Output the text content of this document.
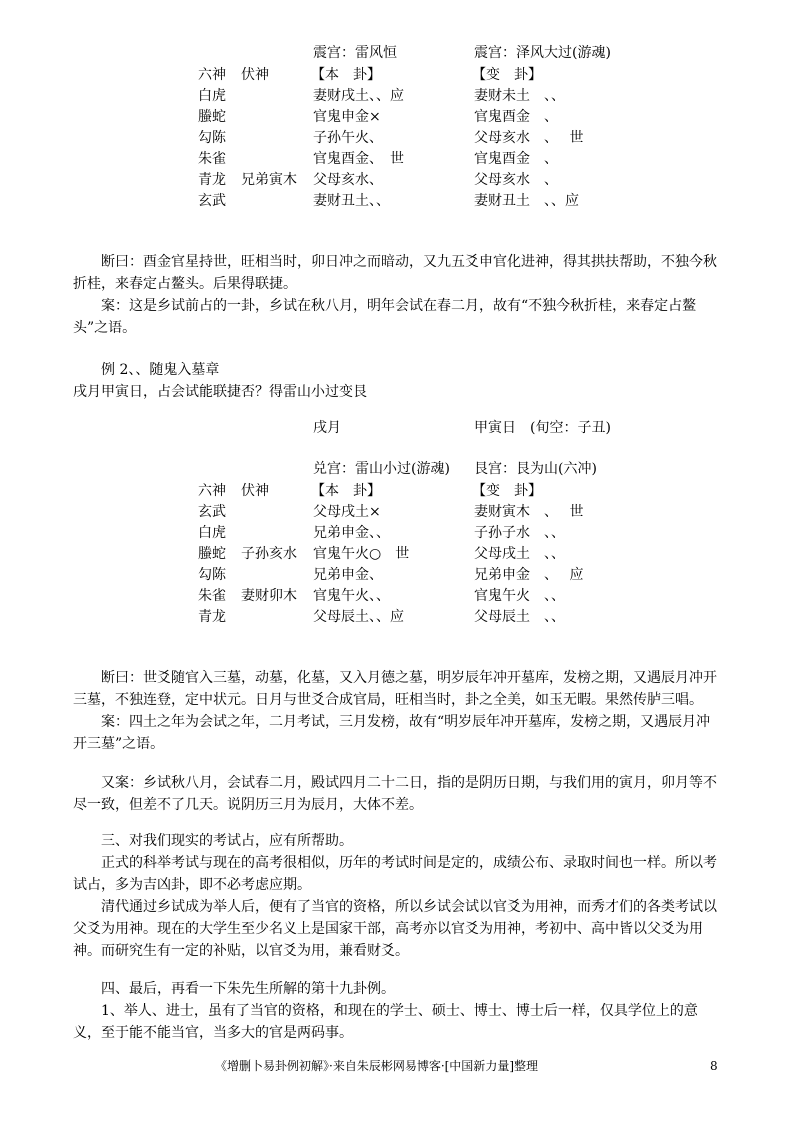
震宫：雷风恒	震宫：泽风大过(游魂)
六神 伏神	【本　卦】	【变　卦】
白虎	妻财戌土、、应	妻财未土　、、
螣蛇	官鬼申金×	官鬼酉金　、
勾陈	子孙午火、	父母亥水　、　 世
朱雀	官鬼酉金、　世	官鬼酉金　、
青龙 兄弟寅木 父母亥水、	父母亥水　、
玄武	妻财丑土、、	妻财丑土　、、应

断曰：酉金官星持世，旺相当时，卯日冲之而暗动，又九五爻申官化进神，得其拱扶帮助，不独今秋折桂，来春定占鳌头。后果得联捷。

案：这是乡试前占的一卦，乡试在秋八月，明年会试在春二月，故有“不独今秋折桂，来春定占鳌头”之语。

例 2、、随鬼入墓章

戌月甲寅日，占会试能联捷否？得雷山小过变艮

戌月	甲寅日　(旬空：子丑)
兑宫：雷山小过(游魂) 艮宫：艮为山(六冲)
六神 伏神	【本　卦】	【变　卦】
玄武	父母戌土×	妻财寅木　、　 世
白虎	兄弟申金、、	子孙子水　、、
螣蛇 子孙亥水 官鬼午火○　世	父母戌土　、、
勾陈	兄弟申金、	兄弟申金　、　 应
朱雀 妻财卯木 官鬼午火、、	官鬼午火　、、
青龙	父母辰土、、应	父母辰土　、、

断曰：世爻随官入三墓，动墓，化墓，又入月德之墓，明岁辰年冲开墓库，发榜之期，又遇辰月冲开三墓，不独连登，定中状元。日月与世爻合成官局，旺相当时，卦之全美，如玉无暇。果然传胪三唱。

案：四土之年为会试之年，二月考试，三月发榜，故有“明岁辰年冲开墓库，发榜之期，又遇辰月冲开三墓”之语。

又案：乡试秋八月，会试春二月，殿试四月二十二日，指的是阴历日期，与我们用的寅月，卯月等不尽一致，但差不了几天。说阴历三月为辰月，大体不差。

三、对我们现实的考试占，应有所帮助。

正式的科举考试与现在的高考很相似，历年的考试时间是定的，成绩公布、录取时间也一样。所以考试占，多为吉凶卦，即不必考虑应期。

清代通过乡试成为举人后，便有了当官的资格，所以乡试会试以官爻为用神，而秀才们的各类考试以父爻为用神。现在的大学生至少名义上是国家干部，高考亦以官爻为用神，考初中、高中皆以父爻为用神。而研究生有一定的补贴，以官爻为用，兼看财爻。

四、最后，再看一下朱先生所解的第十九卦例。

1、举人、进士，虽有了当官的资格，和现在的学士、硕士、博士、博士后一样，仅具学位上的意义，至于能不能当官，当多大的官是两码事。

《增删卜易卦例初解》·来自朱辰彬网易博客·[中国新力量]整理	8
